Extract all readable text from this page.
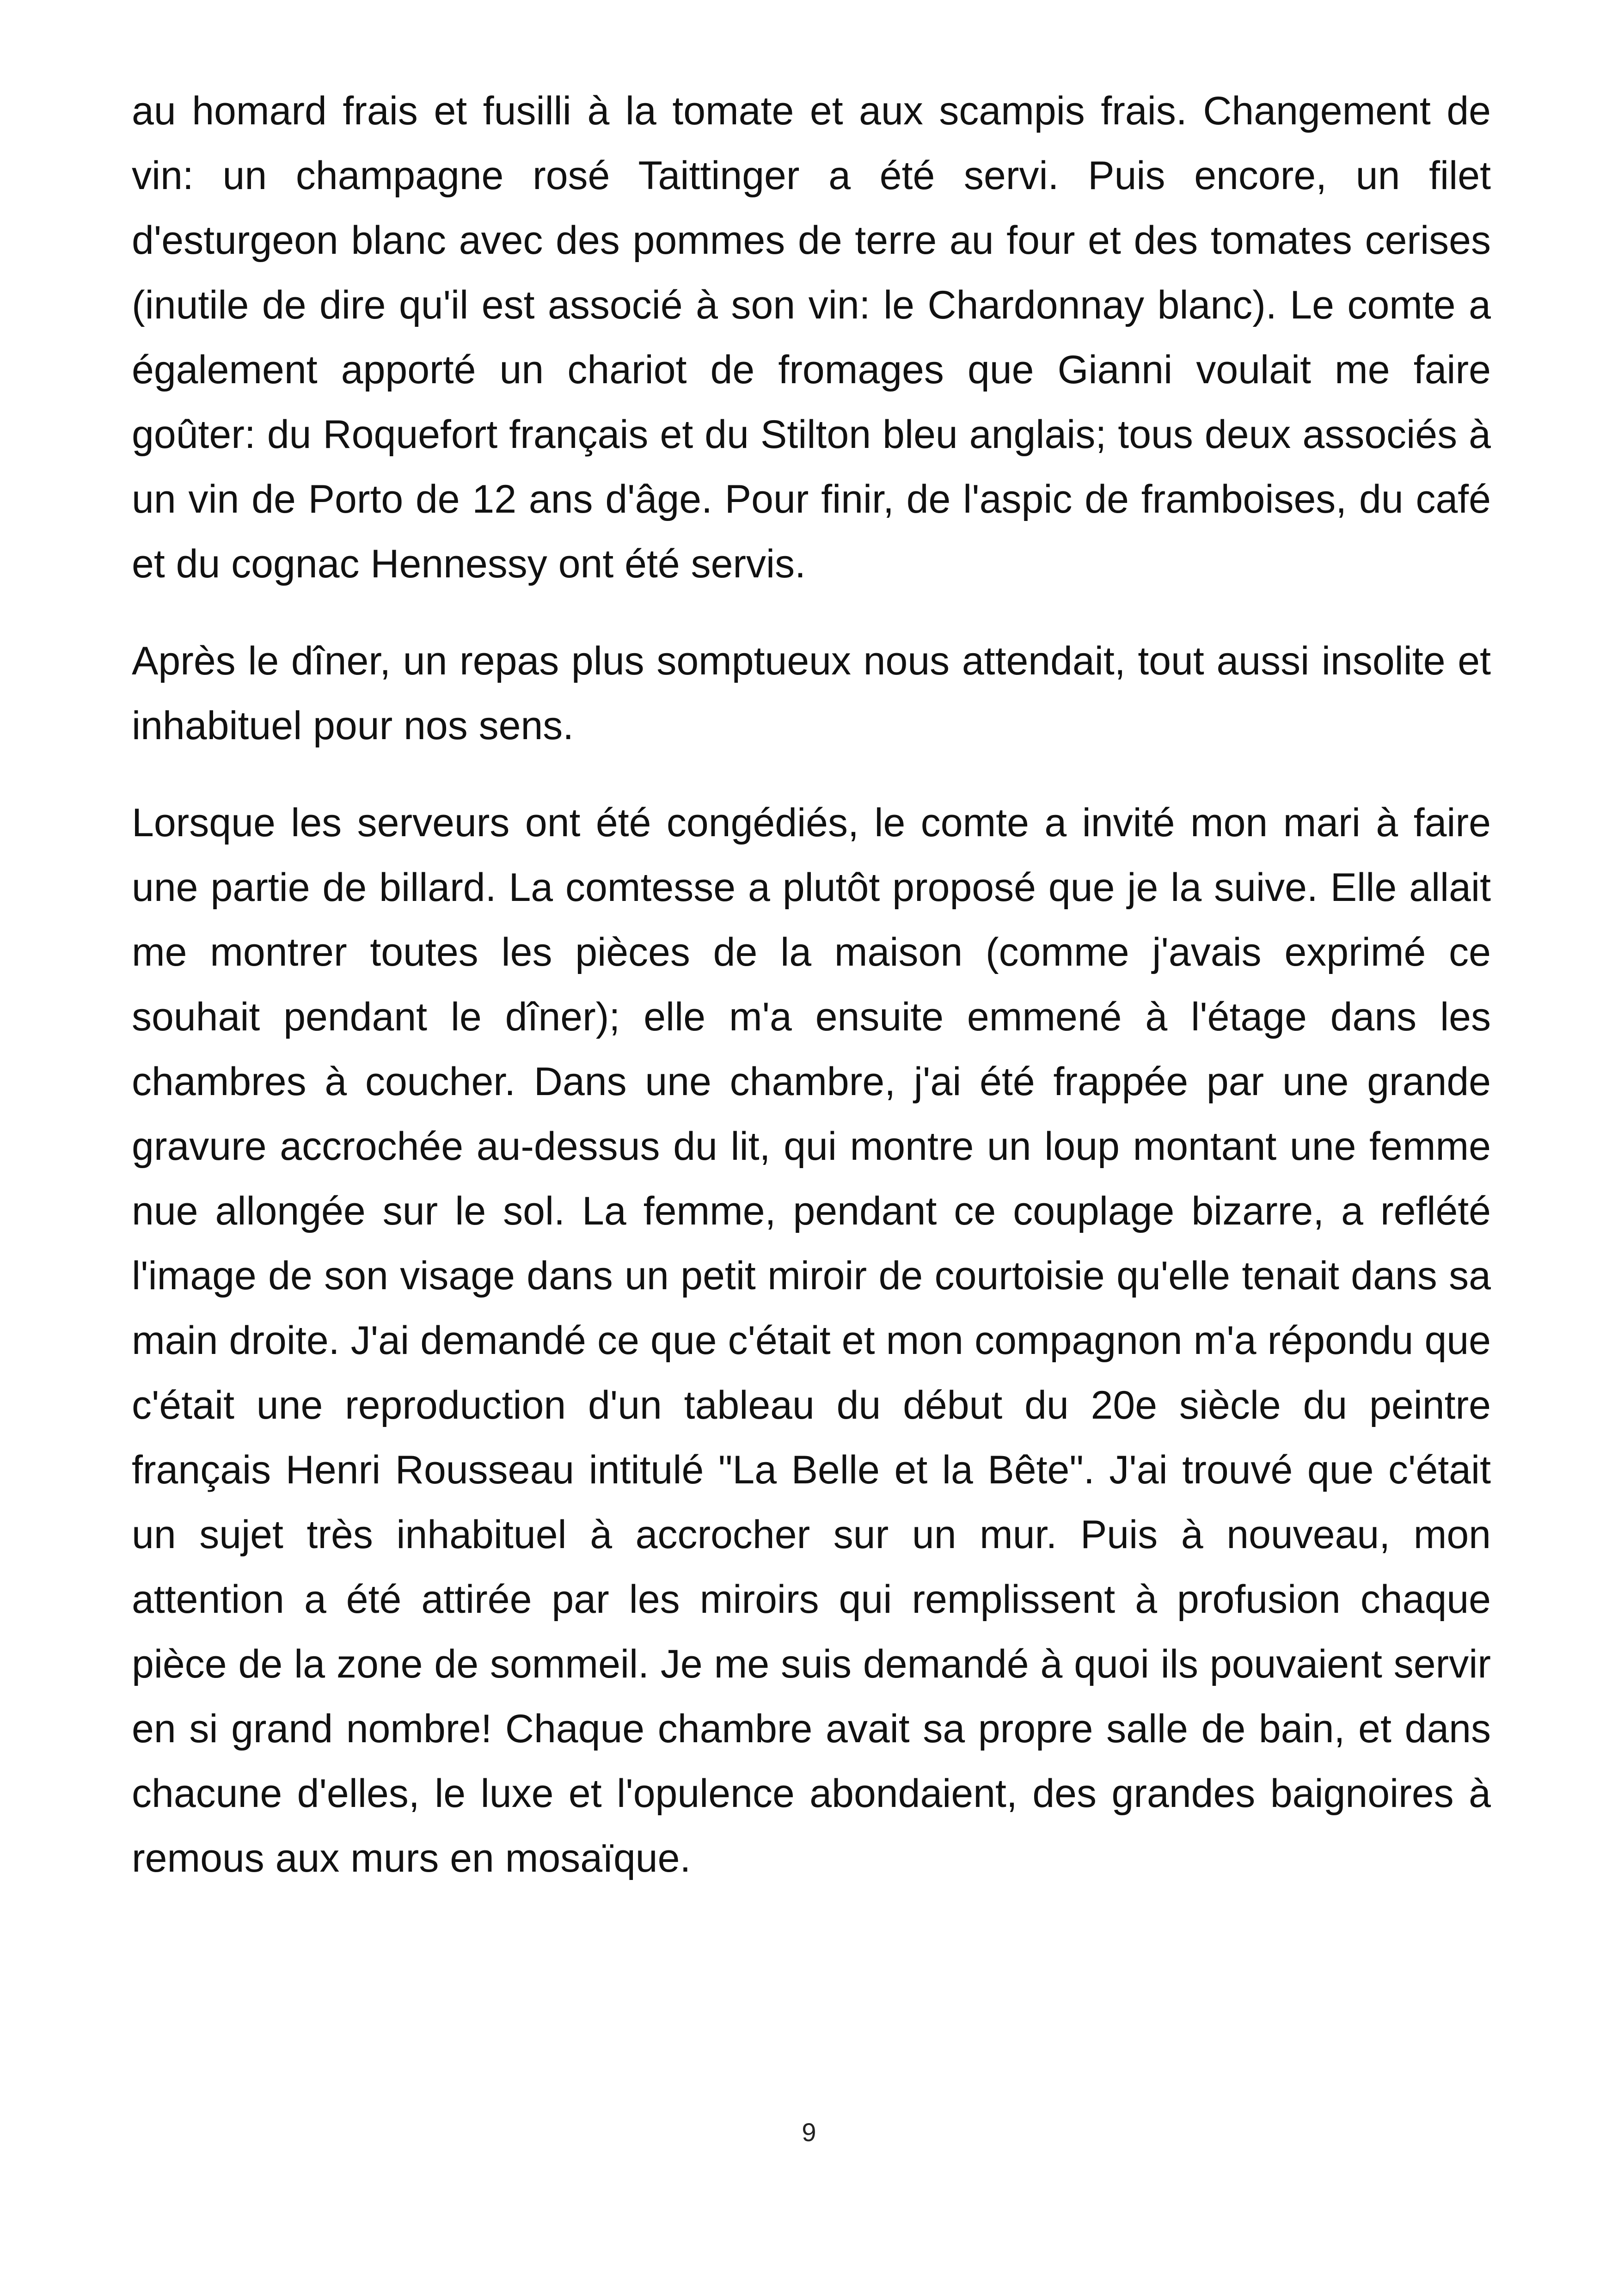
au homard frais et fusilli à la tomate et aux scampis frais. Changement de vin: un champagne rosé Taittinger a été servi. Puis encore, un filet d'esturgeon blanc avec des pommes de terre au four et des tomates cerises (inutile de dire qu'il est associé à son vin: le Chardonnay blanc). Le comte a également apporté un chariot de fromages que Gianni voulait me faire goûter: du Roquefort français et du Stilton bleu anglais; tous deux associés à un vin de Porto de 12 ans d'âge. Pour finir, de l'aspic de framboises, du café et du cognac Hennessy ont été servis.

Après le dîner, un repas plus somptueux nous attendait, tout aussi insolite et inhabituel pour nos sens.

Lorsque les serveurs ont été congédiés, le comte a invité mon mari à faire une partie de billard. La comtesse a plutôt proposé que je la suive. Elle allait me montrer toutes les pièces de la maison (comme j'avais exprimé ce souhait pendant le dîner); elle m'a ensuite emmené à l'étage dans les chambres à coucher. Dans une chambre, j'ai été frappée par une grande gravure accrochée au-dessus du lit, qui montre un loup montant une femme nue allongée sur le sol. La femme, pendant ce couplage bizarre, a reflété l'image de son visage dans un petit miroir de courtoisie qu'elle tenait dans sa main droite. J'ai demandé ce que c'était et mon compagnon m'a répondu que c'était une reproduction d'un tableau du début du 20e siècle du peintre français Henri Rousseau intitulé "La Belle et la Bête". J'ai trouvé que c'était un sujet très inhabituel à accrocher sur un mur. Puis à nouveau, mon attention a été attirée par les miroirs qui remplissent à profusion chaque pièce de la zone de sommeil. Je me suis demandé à quoi ils pouvaient servir en si grand nombre! Chaque chambre avait sa propre salle de bain, et dans chacune d'elles, le luxe et l'opulence abondaient, des grandes baignoires à remous aux murs en mosaïque.

9
